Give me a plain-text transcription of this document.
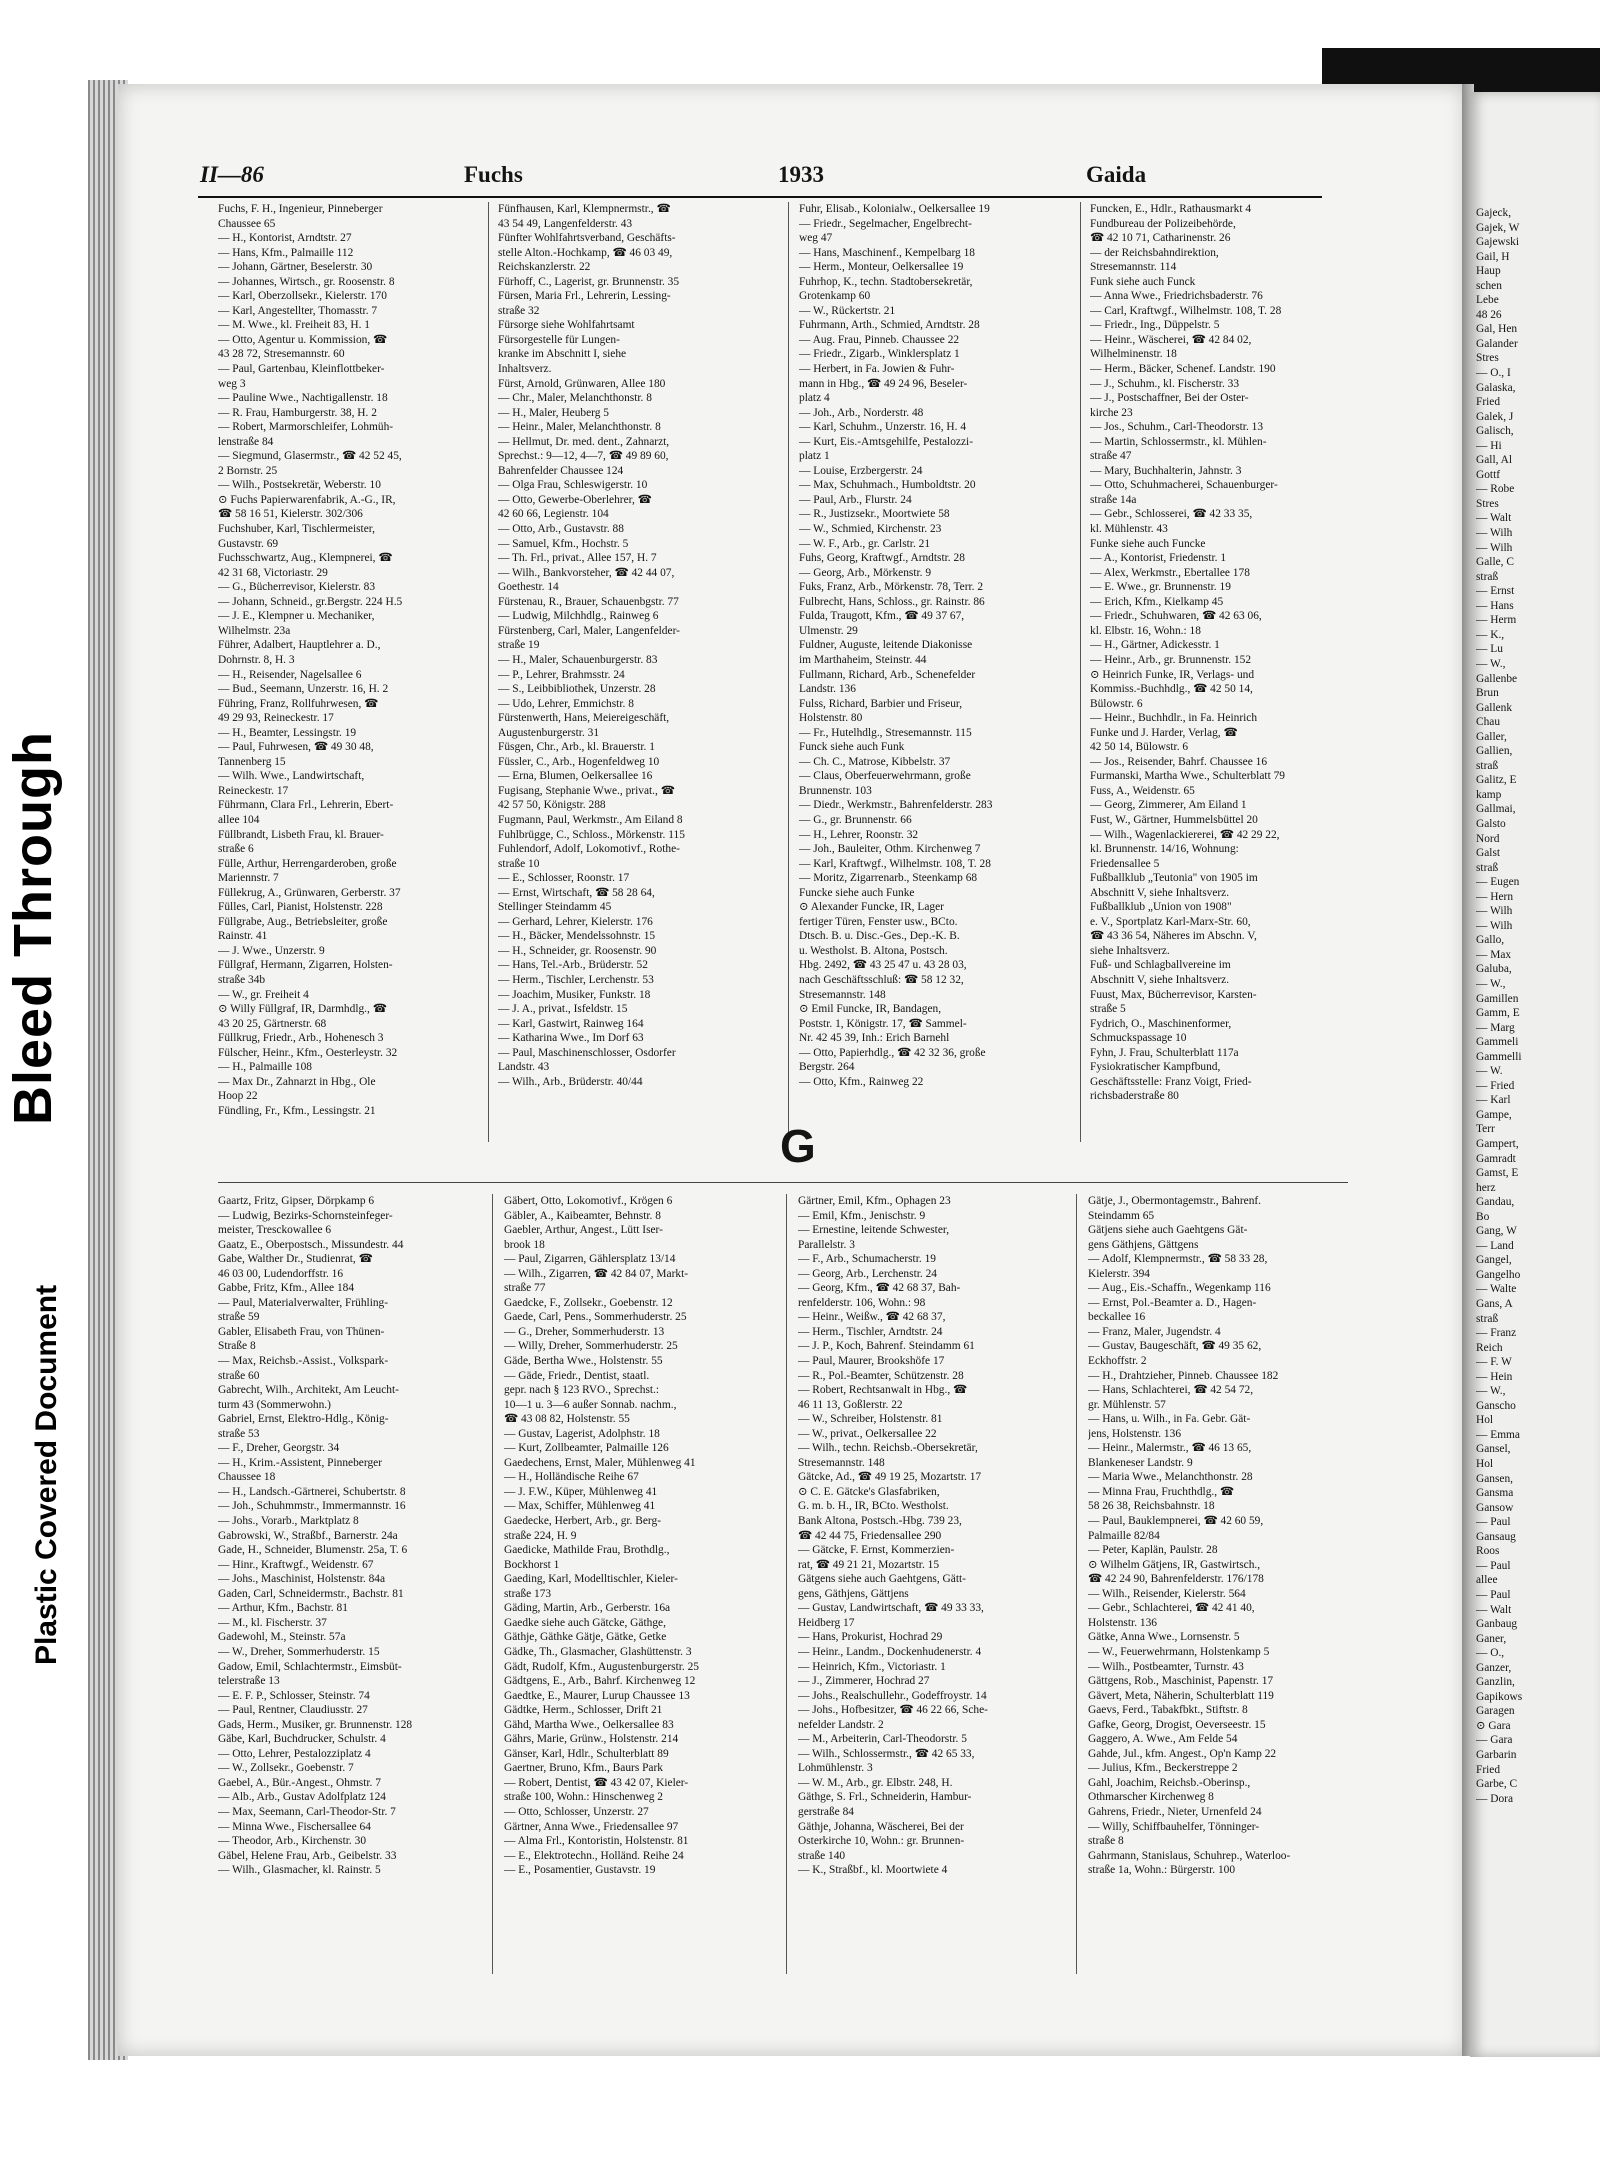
Bleed Through
Plastic Covered Document
II—86	Fuchs	1933	Gaida
Fuchs, F. H., Ingenieur, Pinneberger
Chaussee 65
— H., Kontorist, Arndtstr. 27
— Hans, Kfm., Palmaille 112
— Johann, Gärtner, Beselerstr. 30
— Johannes, Wirtsch., gr. Roosenstr. 8
— Karl, Oberzollsekr., Kielerstr. 170
— Karl, Angestellter, Thomasstr. 7
— M. Wwe., kl. Freiheit 83, H. 1
— Otto, Agentur u. Kommission, ☎
43 28 72, Stresemannstr. 60
— Paul, Gartenbau, Kleinflottbeker-
weg 3
— Pauline Wwe., Nachtigallenstr. 18
— R. Frau, Hamburgerstr. 38, H. 2
— Robert, Marmorschleifer, Lohmüh-
lenstraße 84
— Siegmund, Glasermstr., ☎ 42 52 45,
2 Bornstr. 25
— Wilh., Postsekretär, Weberstr. 10
⊙ Fuchs Papierwarenfabrik, A.-G., IR,
☎ 58 16 51, Kielerstr. 302/306
Fuchshuber, Karl, Tischlermeister,
Gustavstr. 69
Fuchsschwartz, Aug., Klempnerei, ☎
42 31 68, Victoriastr. 29
— G., Bücherrevisor, Kielerstr. 83
— Johann, Schneid., gr.Bergstr. 224 H.5
— J. E., Klempner u. Mechaniker,
Wilhelmstr. 23a
Führer, Adalbert, Hauptlehrer a. D.,
Dohrnstr. 8, H. 3
— H., Reisender, Nagelsallee 6
— Bud., Seemann, Unzerstr. 16, H. 2
Führing, Franz, Rollfuhrwesen, ☎
49 29 93, Reineckestr. 17
— H., Beamter, Lessingstr. 19
— Paul, Fuhrwesen, ☎ 49 30 48,
Tannenberg 15
— Wilh. Wwe., Landwirtschaft,
Reineckestr. 17
Führmann, Clara Frl., Lehrerin, Ebert-
allee 104
Füllbrandt, Lisbeth Frau, kl. Brauer-
straße 6
Fülle, Arthur, Herrengarderoben, große
Mariennstr. 7
Füllekrug, A., Grünwaren, Gerberstr. 37
Fülles, Carl, Pianist, Holstenstr. 228
Füllgrabe, Aug., Betriebsleiter, große
Rainstr. 41
— J. Wwe., Unzerstr. 9
Füllgraf, Hermann, Zigarren, Holsten-
straße 34b
— W., gr. Freiheit 4
⊙ Willy Füllgraf, IR, Darmhdlg., ☎
43 20 25, Gärtnerstr. 68
Füllkrug, Friedr., Arb., Hohenesch 3
Fülscher, Heinr., Kfm., Oesterleystr. 32
— H., Palmaille 108
— Max Dr., Zahnarzt in Hbg., Ole
Hoop 22
Fündling, Fr., Kfm., Lessingstr. 21
Fünfhausen, Karl, Klempnermstr., ☎
43 54 49, Langenfelderstr. 43
Fünfter Wohlfahrtsverband, Geschäfts-
stelle Alton.-Hochkamp, ☎ 46 03 49,
Reichskanzlerstr. 22
Fürhoff, C., Lagerist, gr. Brunnenstr. 35
Fürsen, Maria Frl., Lehrerin, Lessing-
straße 32
Fürsorge siehe Wohlfahrtsamt
Fürsorgestelle für Lungen-
kranke im Abschnitt I, siehe
Inhaltsverz.
Fürst, Arnold, Grünwaren, Allee 180
— Chr., Maler, Melanchthonstr. 8
— H., Maler, Heuberg 5
— Heinr., Maler, Melanchthonstr. 8
— Hellmut, Dr. med. dent., Zahnarzt,
Sprechst.: 9—12, 4—7, ☎ 49 89 60,
Bahrenfelder Chaussee 124
— Olga Frau, Schleswigerstr. 10
— Otto, Gewerbe-Oberlehrer, ☎
42 60 66, Legienstr. 104
— Otto, Arb., Gustavstr. 88
— Samuel, Kfm., Hochstr. 5
— Th. Frl., privat., Allee 157, H. 7
— Wilh., Bankvorsteher, ☎ 42 44 07,
Goethestr. 14
Fürstenau, R., Brauer, Schauenbgstr. 77
— Ludwig, Milchhdlg., Rainweg 6
Fürstenberg, Carl, Maler, Langenfelder-
straße 19
— H., Maler, Schauenburgerstr. 83
— P., Lehrer, Brahmsstr. 24
— S., Leibbibliothek, Unzerstr. 28
— Udo, Lehrer, Emmichstr. 8
Fürstenwerth, Hans, Meiereigeschäft,
Augustenburgerstr. 31
Füsgen, Chr., Arb., kl. Brauerstr. 1
Füssler, C., Arb., Hogenfeldweg 10
— Erna, Blumen, Oelkersallee 16
Fugisang, Stephanie Wwe., privat., ☎
42 57 50, Königstr. 288
Fugmann, Paul, Werkmstr., Am Eiland 8
Fuhlbrügge, C., Schloss., Mörkenstr. 115
Fuhlendorf, Adolf, Lokomotivf., Rothe-
straße 10
— E., Schlosser, Roonstr. 17
— Ernst, Wirtschaft, ☎ 58 28 64,
Stellinger Steindamm 45
— Gerhard, Lehrer, Kielerstr. 176
— H., Bäcker, Mendelssohnstr. 15
— H., Schneider, gr. Roosenstr. 90
— Hans, Tel.-Arb., Brüderstr. 52
— Herm., Tischler, Lerchenstr. 53
— Joachim, Musiker, Funkstr. 18
— J. A., privat., Isfeldstr. 15
— Karl, Gastwirt, Rainweg 164
— Katharina Wwe., Im Dorf 63
— Paul, Maschinenschlosser, Osdorfer
Landstr. 43
— Wilh., Arb., Brüderstr. 40/44
Fuhr, Elisab., Kolonialw., Oelkersallee 19
— Friedr., Segelmacher, Engelbrecht-
weg 47
— Hans, Maschinenf., Kempelbarg 18
— Herm., Monteur, Oelkersallee 19
Fuhrhop, K., techn. Stadtobersekretär,
Grotenkamp 60
— W., Rückertstr. 21
Fuhrmann, Arth., Schmied, Arndtstr. 28
— Aug. Frau, Pinneb. Chaussee 22
— Friedr., Zigarb., Winklersplatz 1
— Herbert, in Fa. Jowien & Fuhr-
mann in Hbg., ☎ 49 24 96, Beseler-
platz 4
— Joh., Arb., Norderstr. 48
— Karl, Schuhm., Unzerstr. 16, H. 4
— Kurt, Eis.-Amtsgehilfe, Pestalozzi-
platz 1
— Louise, Erzbergerstr. 24
— Max, Schuhmach., Humboldtstr. 20
— Paul, Arb., Flurstr. 24
— R., Justizsekr., Moortwiete 58
— W., Schmied, Kirchenstr. 23
— W. F., Arb., gr. Carlstr. 21
Fuhs, Georg, Kraftwgf., Arndtstr. 28
— Georg, Arb., Mörkenstr. 9
Fuks, Franz, Arb., Mörkenstr. 78, Terr. 2
Fulbrecht, Hans, Schloss., gr. Rainstr. 86
Fulda, Traugott, Kfm., ☎ 49 37 67,
Ulmenstr. 29
Fuldner, Auguste, leitende Diakonisse
im Marthaheim, Steinstr. 44
Fullmann, Richard, Arb., Schenefelder
Landstr. 136
Fulss, Richard, Barbier und Friseur,
Holstenstr. 80
— Fr., Hutelhdlg., Stresemannstr. 115
Funck siehe auch Funk
— Ch. C., Matrose, Kibbelstr. 37
— Claus, Oberfeuerwehrmann, große
Brunnenstr. 103
— Diedr., Werkmstr., Bahrenfelderstr. 283
— G., gr. Brunnenstr. 66
— H., Lehrer, Roonstr. 32
— Joh., Bauleiter, Othm. Kirchenweg 7
— Karl, Kraftwgf., Wilhelmstr. 108, T. 28
— Moritz, Zigarrenarb., Steenkamp 68
Funcke siehe auch Funke
⊙ Alexander Funcke, IR, Lager
fertiger Türen, Fenster usw., BCto.
Dtsch. B. u. Disc.-Ges., Dep.-K. B.
u. Westholst. B. Altona, Postsch.
Hbg. 2492, ☎ 43 25 47 u. 43 28 03,
nach Geschäftsschluß: ☎ 58 12 32,
Stresemannstr. 148
⊙ Emil Funcke, IR, Bandagen,
Poststr. 1, Königstr. 17, ☎ Sammel-
Nr. 42 45 39, Inh.: Erich Barnehl
— Otto, Papierhdlg., ☎ 42 32 36, große
Bergstr. 264
— Otto, Kfm., Rainweg 22
Funcken, E., Hdlr., Rathausmarkt 4
Fundbureau der Polizeibehörde,
☎ 42 10 71, Catharinenstr. 26
— der Reichsbahndirektion,
Stresemannstr. 114
Funk siehe auch Funck
— Anna Wwe., Friedrichsbaderstr. 76
— Carl, Kraftwgf., Wilhelmstr. 108, T. 28
— Friedr., Ing., Düppelstr. 5
— Heinr., Wäscherei, ☎ 42 84 02,
Wilhelminenstr. 18
— Herm., Bäcker, Schenef. Landstr. 190
— J., Schuhm., kl. Fischerstr. 33
— J., Postschaffner, Bei der Oster-
kirche 23
— Jos., Schuhm., Carl-Theodorstr. 13
— Martin, Schlossermstr., kl. Mühlen-
straße 47
— Mary, Buchhalterin, Jahnstr. 3
— Otto, Schuhmacherei, Schauenburger-
straße 14a
— Gebr., Schlosserei, ☎ 42 33 35,
kl. Mühlenstr. 43
Funke siehe auch Funcke
— A., Kontorist, Friedenstr. 1
— Alex, Werkmstr., Ebertallee 178
— E. Wwe., gr. Brunnenstr. 19
— Erich, Kfm., Kielkamp 45
— Friedr., Schuhwaren, ☎ 42 63 06,
kl. Elbstr. 16, Wohn.: 18
— H., Gärtner, Adickesstr. 1
— Heinr., Arb., gr. Brunnenstr. 152
⊙ Heinrich Funke, IR, Verlags- und
Kommiss.-Buchhdlg., ☎ 42 50 14,
Bülowstr. 6
— Heinr., Buchhdlr., in Fa. Heinrich
Funke und J. Harder, Verlag, ☎
42 50 14, Bülowstr. 6
— Jos., Reisender, Bahrf. Chaussee 16
Furmanski, Martha Wwe., Schulterblatt 79
Fuss, A., Weidenstr. 65
— Georg, Zimmerer, Am Eiland 1
Fust, W., Gärtner, Hummelsbüttel 20
— Wilh., Wagenlackiererei, ☎ 42 29 22,
kl. Brunnenstr. 14/16, Wohnung:
Friedensallee 5
Fußballklub „Teutonia" von 1905 im
Abschnitt V, siehe Inhaltsverz.
Fußballklub „Union von 1908"
e. V., Sportplatz Karl-Marx-Str. 60,
☎ 43 36 54, Näheres im Abschn. V,
siehe Inhaltsverz.
Fuß- und Schlagballvereine im
Abschnitt V, siehe Inhaltsverz.
Fuust, Max, Bücherrevisor, Karsten-
straße 5
Fydrich, O., Maschinenformer,
Schmuckspassage 10
Fyhn, J. Frau, Schulterblatt 117a
Fysiokratischer Kampfbund,
Geschäftsstelle: Franz Voigt, Fried-
richsbaderstraße 80
G
Gaartz, Fritz, Gipser, Dörpkamp 6
— Ludwig, Bezirks-Schornsteinfeger-
meister, Tresckowallee 6
Gaatz, E., Oberpostsch., Missundestr. 44
Gabe, Walther Dr., Studienrat, ☎
46 03 00, Ludendorffstr. 16
Gabbe, Fritz, Kfm., Allee 184
— Paul, Materialverwalter, Frühling-
straße 59
Gabler, Elisabeth Frau, von Thünen-
Straße 8
— Max, Reichsb.-Assist., Volkspark-
straße 60
Gabrecht, Wilh., Architekt, Am Leucht-
turm 43 (Sommerwohn.)
Gabriel, Ernst, Elektro-Hdlg., König-
straße 53
— F., Dreher, Georgstr. 34
— H., Krim.-Assistent, Pinneberger
Chaussee 18
— H., Landsch.-Gärtnerei, Schubertstr. 8
— Joh., Schuhmmstr., Immermannstr. 16
— Johs., Vorarb., Marktplatz 8
Gabrowski, W., Straßbf., Barnerstr. 24a
Gade, H., Schneider, Blumenstr. 25a, T. 6
— Hinr., Kraftwgf., Weidenstr. 67
— Johs., Maschinist, Holstenstr. 84a
Gaden, Carl, Schneidermstr., Bachstr. 81
— Arthur, Kfm., Bachstr. 81
— M., kl. Fischerstr. 37
Gadewohl, M., Steinstr. 57a
— W., Dreher, Sommerhuderstr. 15
Gadow, Emil, Schlachtermstr., Eimsbüt-
telerstraße 13
— E. F. P., Schlosser, Steinstr. 74
— Paul, Rentner, Claudiusstr. 27
Gads, Herm., Musiker, gr. Brunnenstr. 128
Gäbe, Karl, Buchdrucker, Schulstr. 4
— Otto, Lehrer, Pestalozziplatz 4
— W., Zollsekr., Goebenstr. 7
Gaebel, A., Bür.-Angest., Ohmstr. 7
— Alb., Arb., Gustav Adolfplatz 124
— Max, Seemann, Carl-Theodor-Str. 7
— Minna Wwe., Fischersallee 64
— Theodor, Arb., Kirchenstr. 30
Gäbel, Helene Frau, Arb., Geibelstr. 33
— Wilh., Glasmacher, kl. Rainstr. 5
Gäbert, Otto, Lokomotivf., Krögen 6
Gäbler, A., Kaibeamter, Behnstr. 8
Gaebler, Arthur, Angest., Lütt Iser-
brook 18
— Paul, Zigarren, Gählersplatz 13/14
— Wilh., Zigarren, ☎ 42 84 07, Markt-
straße 77
Gaedcke, F., Zollsekr., Goebenstr. 12
Gaede, Carl, Pens., Sommerhuderstr. 25
— G., Dreher, Sommerhuderstr. 13
— Willy, Dreher, Sommerhuderstr. 25
Gäde, Bertha Wwe., Holstenstr. 55
— Gäde, Friedr., Dentist, staatl.
gepr. nach § 123 RVO., Sprechst.:
10—1 u. 3—6 außer Sonnab. nachm.,
☎ 43 08 82, Holstenstr. 55
— Gustav, Lagerist, Adolphstr. 18
— Kurt, Zollbeamter, Palmaille 126
Gaedechens, Ernst, Maler, Mühlenweg 41
— H., Holländische Reihe 67
— J. F.W., Küper, Mühlenweg 41
— Max, Schiffer, Mühlenweg 41
Gaedecke, Herbert, Arb., gr. Berg-
straße 224, H. 9
Gaedicke, Mathilde Frau, Brothdlg.,
Bockhorst 1
Gaeding, Karl, Modelltischler, Kieler-
straße 173
Gäding, Martin, Arb., Gerberstr. 16a
Gaedke siehe auch Gätcke, Gäthge,
Gäthje, Gäthke Gätje, Gätke, Getke
Gädke, Th., Glasmacher, Glashüttenstr. 3
Gädt, Rudolf, Kfm., Augustenburgerstr. 25
Gädtgens, E., Arb., Bahrf. Kirchenweg 12
Gaedtke, E., Maurer, Lurup Chaussee 13
Gädtke, Herm., Schlosser, Drift 21
Gähd, Martha Wwe., Oelkersallee 83
Gährs, Marie, Grünw., Holstenstr. 214
Gänser, Karl, Hdlr., Schulterblatt 89
Gaertner, Bruno, Kfm., Baurs Park
— Robert, Dentist, ☎ 43 42 07, Kieler-
straße 100, Wohn.: Hinschenweg 2
— Otto, Schlosser, Unzerstr. 27
Gärtner, Anna Wwe., Friedensallee 97
— Alma Frl., Kontoristin, Holstenstr. 81
— E., Elektrotechn., Holländ. Reihe 24
— E., Posamentier, Gustavstr. 19
Gärtner, Emil, Kfm., Ophagen 23
— Emil, Kfm., Jenischstr. 9
— Ernestine, leitende Schwester,
Parallelstr. 3
— F., Arb., Schumacherstr. 19
— Georg, Arb., Lerchenstr. 24
— Georg, Kfm., ☎ 42 68 37, Bah-
renfelderstr. 106, Wohn.: 98
— Heinr., Weißw., ☎ 42 68 37,
— Herm., Tischler, Arndtstr. 24
— J. P., Koch, Bahrenf. Steindamm 61
— Paul, Maurer, Brookshöfe 17
— R., Pol.-Beamter, Schützenstr. 28
— Robert, Rechtsanwalt in Hbg., ☎
46 11 13, Goßlerstr. 22
— W., Schreiber, Holstenstr. 81
— W., privat., Oelkersallee 22
— Wilh., techn. Reichsb.-Obersekretär,
Stresemannstr. 148
Gätcke, Ad., ☎ 49 19 25, Mozartstr. 17
⊙ C. E. Gätcke's Glasfabriken,
G. m. b. H., IR, BCto. Westholst.
Bank Altona, Postsch.-Hbg. 739 23,
☎ 42 44 75, Friedensallee 290
— Gätcke, F. Ernst, Kommerzien-
rat, ☎ 49 21 21, Mozartstr. 15
Gätgens siehe auch Gaehtgens, Gätt-
gens, Gäthjens, Gättjens
— Gustav, Landwirtschaft, ☎ 49 33 33,
Heidberg 17
— Hans, Prokurist, Hochrad 29
— Heinr., Landm., Dockenhudenerstr. 4
— Heinrich, Kfm., Victoriastr. 1
— J., Zimmerer, Hochrad 27
— Johs., Realschullehr., Godeffroystr. 14
— Johs., Hofbesitzer, ☎ 46 22 66, Sche-
nefelder Landstr. 2
— M., Arbeiterin, Carl-Theodorstr. 5
— Wilh., Schlossermstr., ☎ 42 65 33,
Lohmühlenstr. 3
— W. M., Arb., gr. Elbstr. 248, H.
Gäthge, S. Frl., Schneiderin, Hambur-
gerstraße 84
Gäthje, Johanna, Wäscherei, Bei der
Osterkirche 10, Wohn.: gr. Brunnen-
straße 140
— K., Straßbf., kl. Moortwiete 4
Gätje, J., Obermontagemstr., Bahrenf.
Steindamm 65
Gätjens siehe auch Gaehtgens Gät-
gens Gäthjens, Gättgens
— Adolf, Klempnermstr., ☎ 58 33 28,
Kielerstr. 394
— Aug., Eis.-Schaffn., Wegenkamp 116
— Ernst, Pol.-Beamter a. D., Hagen-
beckallee 16
— Franz, Maler, Jugendstr. 4
— Gustav, Baugeschäft, ☎ 49 35 62,
Eckhoffstr. 2
— H., Drahtzieher, Pinneb. Chaussee 182
— Hans, Schlachterei, ☎ 42 54 72,
gr. Mühlenstr. 57
— Hans, u. Wilh., in Fa. Gebr. Gät-
jens, Holstenstr. 136
— Heinr., Malermstr., ☎ 46 13 65,
Blankeneser Landstr. 9
— Maria Wwe., Melanchthonstr. 28
— Minna Frau, Fruchthdlg., ☎
58 26 38, Reichsbahnstr. 18
— Paul, Bauklempnerei, ☎ 42 60 59,
Palmaille 82/84
— Peter, Kaplän, Paulstr. 28
⊙ Wilhelm Gätjens, IR, Gastwirtsch.,
☎ 42 24 90, Bahrenfelderstr. 176/178
— Wilh., Reisender, Kielerstr. 564
— Gebr., Schlachterei, ☎ 42 41 40,
Holstenstr. 136
Gätke, Anna Wwe., Lornsenstr. 5
— W., Feuerwehrmann, Holstenkamp 5
— Wilh., Postbeamter, Turnstr. 43
Gättgens, Rob., Maschinist, Papenstr. 17
Gävert, Meta, Näherin, Schulterblatt 119
Gaevs, Ferd., Tabakfbkt., Stiftstr. 8
Gafke, Georg, Drogist, Oeverseestr. 15
Gaggero, A. Wwe., Am Felde 54
Gahde, Jul., kfm. Angest., Op'n Kamp 22
— Julius, Kfm., Beckerstreppe 2
Gahl, Joachim, Reichsb.-Oberinsp.,
Othmarscher Kirchenweg 8
Gahrens, Friedr., Nieter, Urnenfeld 24
— Willy, Schiffbauhelfer, Tönninger-
straße 8
Gahrmann, Stanislaus, Schuhrep., Waterloo-
straße 1a, Wohn.: Bürgerstr. 100
Gajeck,
Gajek, W
Gajewski
Gail, H
Haup
schen
Lebe
48 26
Gal, Hen
Galander
Stres
— O., I
Galaska,
Fried
Galek, J
Galisch,
— Hi
Gall, Al
Gottf
— Robe
Stres
— Walt
— Wilh
— Wilh
Galle, C
straß
— Ernst
— Hans
— Herm
— K.,
— Lu
— W.,
Gallenbe
Brun
Gallenk
Chau
Galler,
Gallien,
straß
Galitz, E
kamp
Gallmai,
Galsto
Nord
Galst
straß
— Eugen
— Hern
— Wilh
— Wilh
Gallo,
— Max
Galuba,
— W.,
Gamillen
Gamm, E
— Marg
Gammeli
Gammelli
— W.
— Fried
— Karl
Gampe,
Terr
Gampert,
Gamradt
Gamst, E
herz
Gandau,
Bo
Gang, W
— Land
Gangel,
Gangelho
— Walte
Gans, A
straß
— Franz
Reich
— F. W
— Hein
— W.,
Ganscho
Hol
— Emma
Gansel,
Hol
Gansen,
Gansma
Gansow
— Paul
Gansaug
Roos
— Paul
allee
— Paul
— Walt
Ganbaug
Ganer,
— O.,
Ganzer,
Ganzlin,
Gapikows
Garagen
⊙ Gara
— Gara
Garbarin
Fried
Garbe, C
— Dora
